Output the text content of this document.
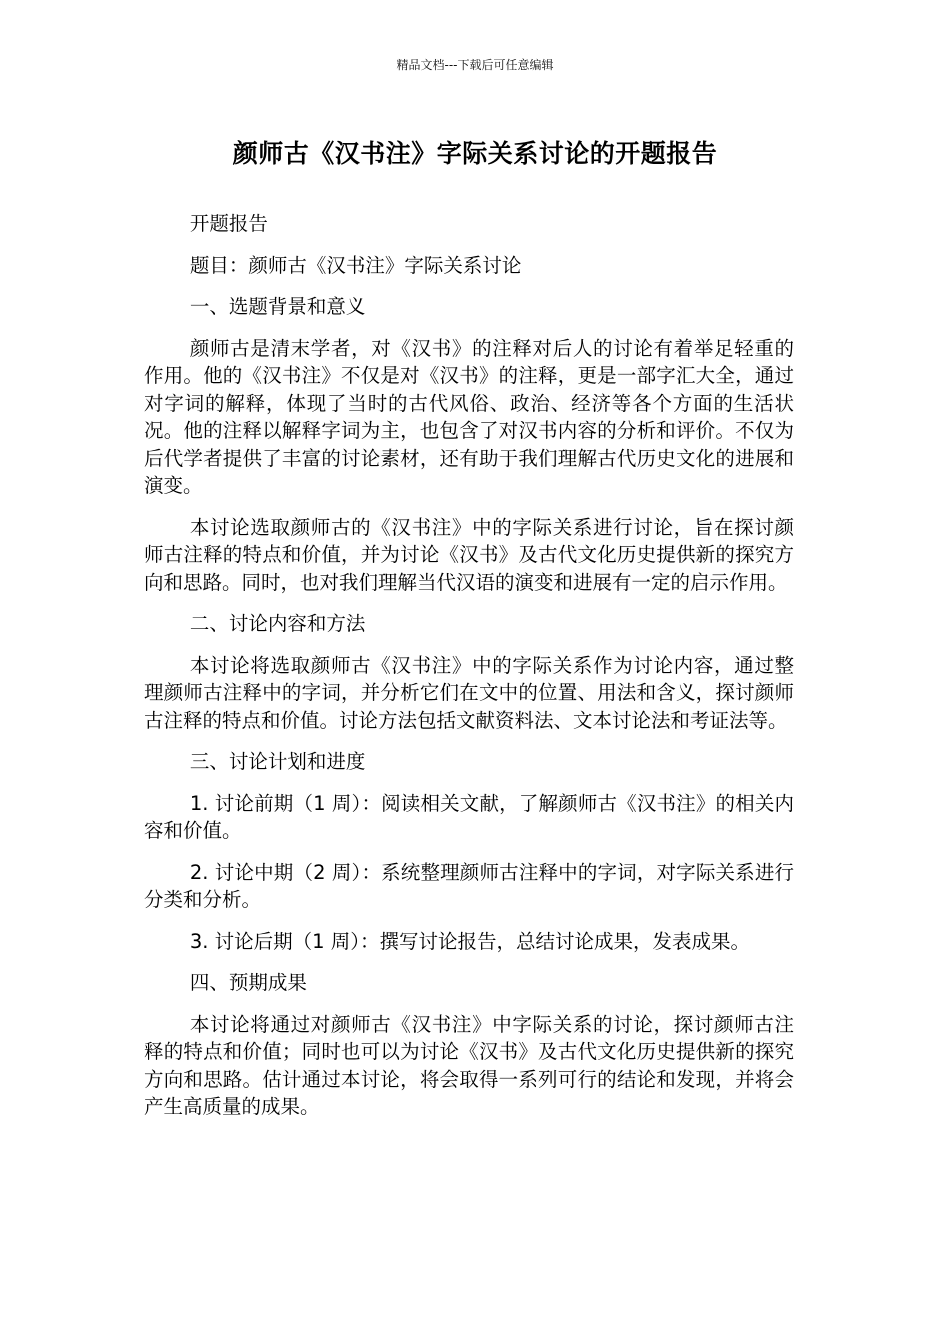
精品文档---下载后可任意编辑
颜师古《汉书注》字际关系讨论的开题报告

开题报告

题目：颜师古《汉书注》字际关系讨论

一、选题背景和意义

颜师古是清末学者，对《汉书》的注释对后人的讨论有着举足轻重的作用。他的《汉书注》不仅是对《汉书》的注释，更是一部字汇大全，通过对字词的解释，体现了当时的古代风俗、政治、经济等各个方面的生活状况。他的注释以解释字词为主，也包含了对汉书内容的分析和评价。不仅为后代学者提供了丰富的讨论素材，还有助于我们理解古代历史文化的进展和演变。

本讨论选取颜师古的《汉书注》中的字际关系进行讨论，旨在探讨颜师古注释的特点和价值，并为讨论《汉书》及古代文化历史提供新的探究方向和思路。同时，也对我们理解当代汉语的演变和进展有一定的启示作用。

二、讨论内容和方法

本讨论将选取颜师古《汉书注》中的字际关系作为讨论内容，通过整理颜师古注释中的字词，并分析它们在文中的位置、用法和含义，探讨颜师古注释的特点和价值。讨论方法包括文献资料法、文本讨论法和考证法等。

三、讨论计划和进度

1. 讨论前期（1 周）：阅读相关文献，了解颜师古《汉书注》的相关内容和价值。

2. 讨论中期（2 周）：系统整理颜师古注释中的字词，对字际关系进行分类和分析。

3. 讨论后期（1 周）：撰写讨论报告，总结讨论成果，发表成果。

四、预期成果

本讨论将通过对颜师古《汉书注》中字际关系的讨论，探讨颜师古注释的特点和价值；同时也可以为讨论《汉书》及古代文化历史提供新的探究方向和思路。估计通过本讨论，将会取得一系列可行的结论和发现，并将会产生高质量的成果。
